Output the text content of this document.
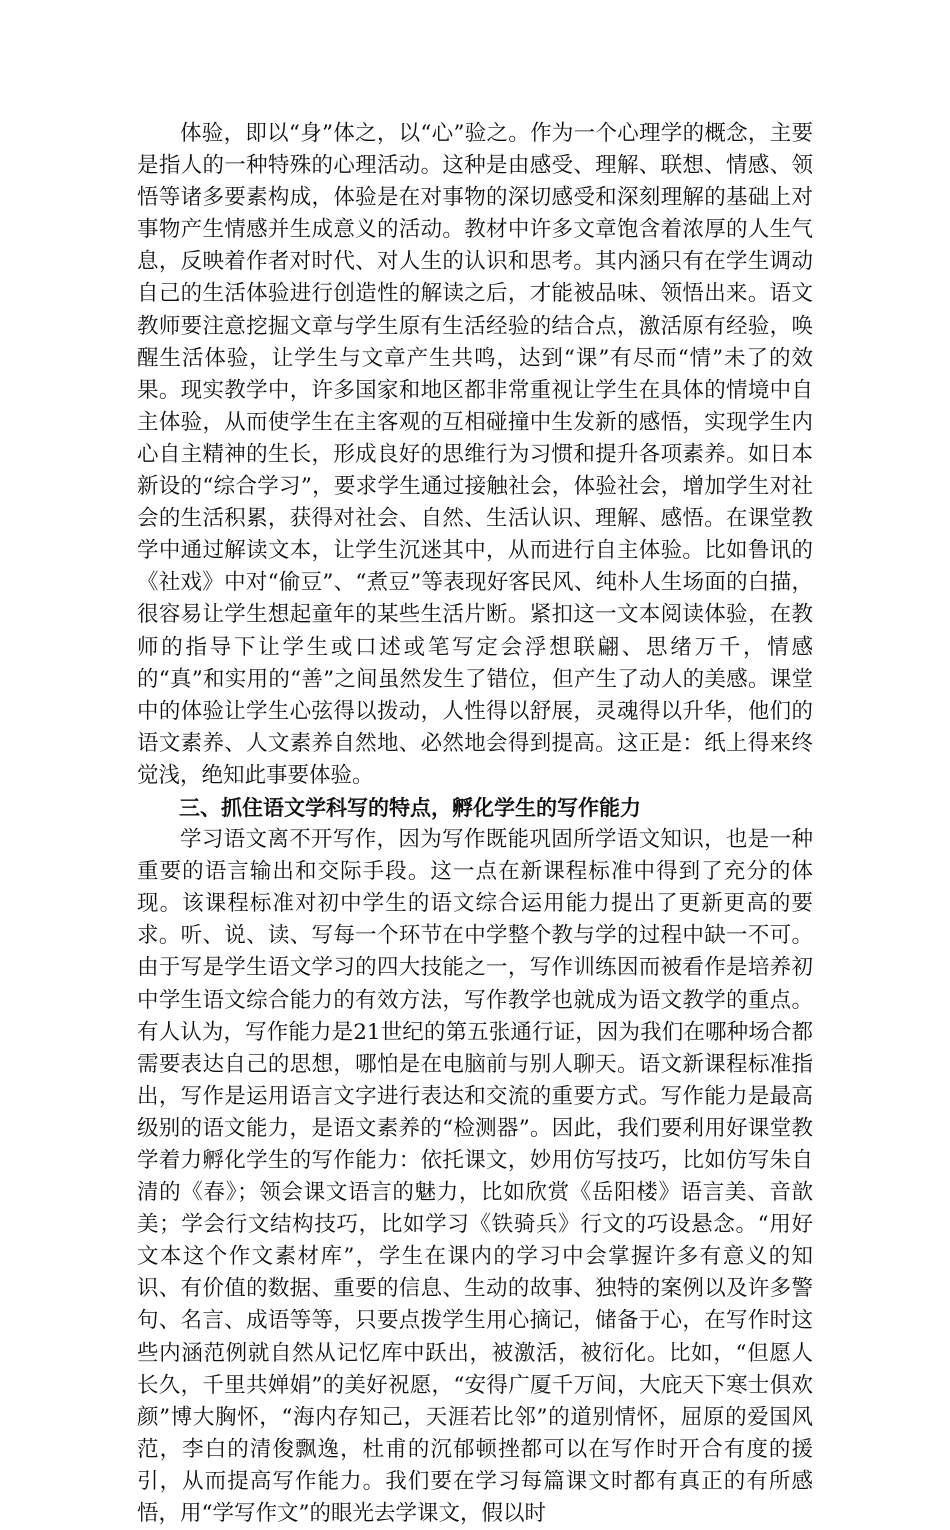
体验，即以“身”体之，以“心”验之。作为一个心理学的概念，主要是指人的一种特殊的心理活动。这种是由感受、理解、联想、情感、领悟等诸多要素构成，体验是在对事物的深切感受和深刻理解的基础上对事物产生情感并生成意义的活动。教材中许多文章饱含着浓厚的人生气息，反映着作者对时代、对人生的认识和思考。其内涵只有在学生调动自己的生活体验进行创造性的解读之后，才能被品味、领悟出来。语文教师要注意挖掘文章与学生原有生活经验的结合点，激活原有经验，唤醒生活体验，让学生与文章产生共鸣，达到“课”有尽而“情”未了的效果。现实教学中，许多国家和地区都非常重视让学生在具体的情境中自主体验，从而使学生在主客观的互相碰撞中生发新的感悟，实现学生内心自主精神的生长，形成良好的思维行为习惯和提升各项素养。如日本新设的“综合学习”，要求学生通过接触社会，体验社会，增加学生对社会的生活积累，获得对社会、自然、生活认识、理解、感悟。在课堂教学中通过解读文本，让学生沉迷其中，从而进行自主体验。比如鲁讯的《社戏》中对“偷豆”、“煮豆”等表现好客民风、纯朴人生场面的白描，很容易让学生想起童年的某些生活片断。紧扣这一文本阅读体验，在教师的指导下让学生或口述或笔写定会浮想联翩、思绪万千，情感的“真”和实用的“善”之间虽然发生了错位，但产生了动人的美感。课堂中的体验让学生心弦得以拨动，人性得以舒展，灵魂得以升华，他们的语文素养、人文素养自然地、必然地会得到提高。这正是：纸上得来终觉浅，绝知此事要体验。

三、抓住语文学科写的特点，孵化学生的写作能力

学习语文离不开写作，因为写作既能巩固所学语文知识，也是一种重要的语言输出和交际手段。这一点在新课程标准中得到了充分的体现。该课程标准对初中学生的语文综合运用能力提出了更新更高的要求。听、说、读、写每一个环节在中学整个教与学的过程中缺一不可。由于写是学生语文学习的四大技能之一，写作训练因而被看作是培养初中学生语文综合能力的有效方法，写作教学也就成为语文教学的重点。有人认为，写作能力是21世纪的第五张通行证，因为我们在哪种场合都需要表达自己的思想，哪怕是在电脑前与别人聊天。语文新课程标准指出，写作是运用语言文字进行表达和交流的重要方式。写作能力是最高级别的语文能力，是语文素养的“检测器”。因此，我们要利用好课堂教学着力孵化学生的写作能力：依托课文，妙用仿写技巧，比如仿写朱自清的《春》；领会课文语言的魅力，比如欣赏《岳阳楼》语言美、音歆美；学会行文结构技巧，比如学习《铁骑兵》行文的巧设悬念。“用好文本这个作文素材库”，学生在课内的学习中会掌握许多有意义的知识、有价值的数据、重要的信息、生动的故事、独特的案例以及许多警句、名言、成语等等，只要点拨学生用心摘记，储备于心，在写作时这些内涵范例就自然从记忆库中跃出，被激活，被衍化。比如，“但愿人长久，千里共婵娟”的美好祝愿，“安得广厦千万间，大庇天下寒士俱欢颜”博大胸怀，“海内存知己，天涯若比邻”的道别情怀，屈原的爱国风范，李白的清俊飘逸，杜甫的沉郁顿挫都可以在写作时开合有度的援引，从而提高写作能力。我们要在学习每篇课文时都有真正的有所感悟，用“学写作文”的眼光去学课文，假以时
